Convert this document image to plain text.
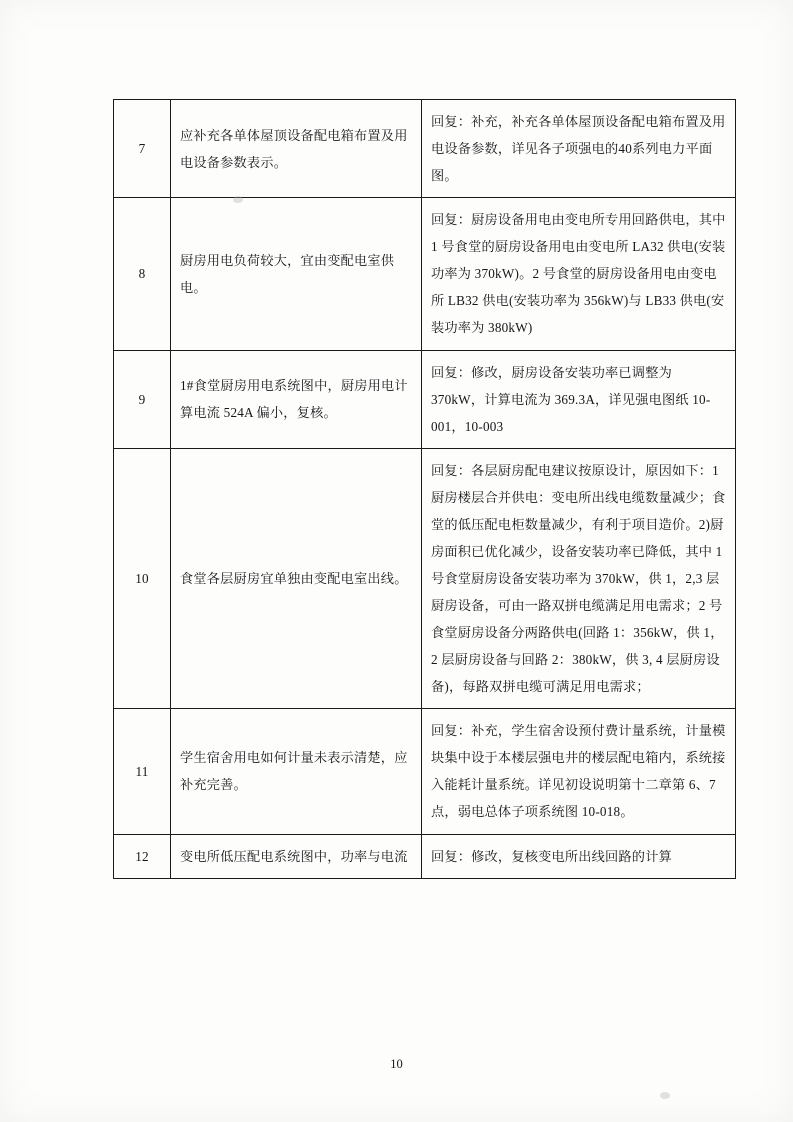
7	应补充各单体屋顶设备配电箱布置及用电设备参数表示。	回复：补充，补充各单体屋顶设备配电箱布置及用电设备参数，详见各子项强电的40系列电力平面图。
8	厨房用电负荷较大，宜由变配电室供电。	回复：厨房设备用电由变电所专用回路供电，其中 1 号食堂的厨房设备用电由变电所 LA32 供电(安装功率为 370kW)。2 号食堂的厨房设备用电由变电所 LB32 供电(安装功率为 356kW)与 LB33 供电(安装功率为 380kW)
9	1#食堂厨房用电系统图中，厨房用电计算电流 524A 偏小，复核。	回复：修改，厨房设备安装功率已调整为 370kW，计算电流为 369.3A，详见强电图纸 10-001，10-003
10	食堂各层厨房宜单独由变配电室出线。	回复：各层厨房配电建议按原设计，原因如下：1 厨房楼层合并供电：变电所出线电缆数量减少；食堂的低压配电柜数量减少，有利于项目造价。2)厨房面积已优化减少，设备安装功率已降低，其中 1 号食堂厨房设备安装功率为 370kW，供 1，2,3 层厨房设备，可由一路双拼电缆满足用电需求；2 号食堂厨房设备分两路供电(回路 1：356kW，供 1，2 层厨房设备与回路 2：380kW，供 3, 4 层厨房设备)，每路双拼电缆可满足用电需求；
11	学生宿舍用电如何计量未表示清楚，应补充完善。	回复：补充，学生宿舍设预付费计量系统，计量模块集中设于本楼层强电井的楼层配电箱内，系统接入能耗计量系统。详见初设说明第十二章第 6、7 点，弱电总体子项系统图 10-018。
12	变电所低压配电系统图中，功率与电流	回复：修改，复核变电所出线回路的计算
10
